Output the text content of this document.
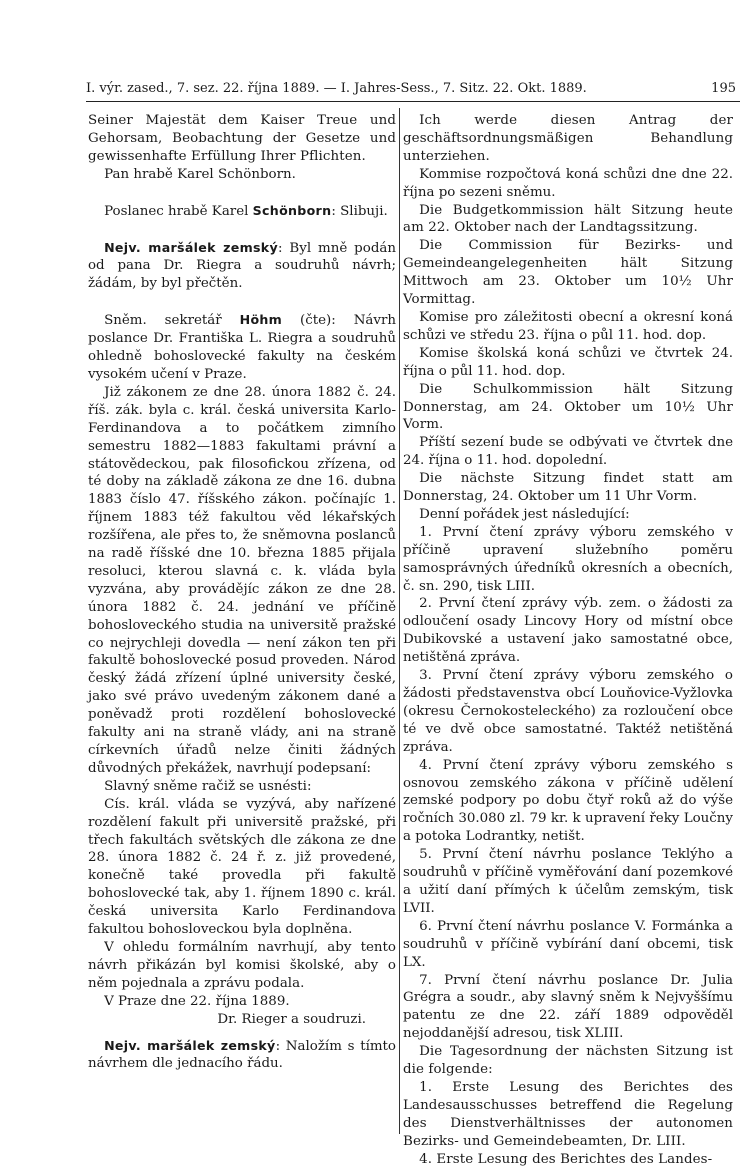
I. výr. zased., 7. sez. 22. října 1889. — I. Jahres-Sess., 7. Sitz. 22. Okt. 1889.	195

Seiner Majestät dem Kaiser Treue und Gehorsam, Beobachtung der Gesetze und gewissenhafte Erfüllung Ihrer Pflichten.

Pan hrabě Karel Schönborn.

Poslanec hrabě Karel Schönborn: Slibuji.

Nejv. maršálek zemský: Byl mně podán od pana Dr. Riegra a soudruhů návrh; žádám, by byl přečtěn.

Sněm. sekretář Höhm (čte): Návrh poslance Dr. Františka L. Riegra a soudruhů ohledně bohoslovecké fakulty na českém vysokém učení v Praze.

Již zákonem ze dne 28. února 1882 č. 24. říš. zák. byla c. král. česká universita Karlo-Ferdinandova a to počátkem zimního semestru 1882—1883 fakultami právní a státovědeckou, pak filosofickou zřízena, od té doby na základě zákona ze dne 16. dubna 1883 číslo 47. říšského zákon. počínajíc 1. říjnem 1883 též fakultou věd lékařských rozšířena, ale přes to, že sněmovna poslanců na radě říšské dne 10. března 1885 přijala resoluci, kterou slavná c. k. vláda byla vyzvána, aby provádějíc zákon ze dne 28. února 1882 č. 24. jednání ve příčině bohosloveckého studia na universitě pražské co nejrychleji dovedla — není zákon ten při fakultě bohoslovecké posud proveden. Národ český žádá zřízení úplné university české, jako své právo uvedeným zákonem dané a poněvadž proti rozdělení bohoslovecké fakulty ani na straně vlády, ani na straně církevních úřadů nelze činiti žádných důvodných překážek, navrhují podepsaní:

Slavný sněme račiž se usnésti:

Cís. král. vláda se vyzývá, aby nařízené rozdělení fakult při universitě pražské, při třech fakultách světských dle zákona ze dne 28. února 1882 č. 24 ř. z. již provedené, konečně také provedla při fakultě bohoslovecké tak, aby 1. říjnem 1890 c. král. česká universita Karlo Ferdinandova fakultou bohosloveckou byla doplněna.

V ohledu formálním navrhují, aby tento návrh přikázán byl komisi školské, aby o něm pojednala a zprávu podala.

V Praze dne 22. října 1889.

Dr. Rieger a soudruzi.

Nejv. maršálek zemský: Naložím s tímto návrhem dle jednacího řádu.

Ich werde diesen Antrag der geschäftsordnungsmäßigen Behandlung unterziehen.

Kommise rozpočtová koná schůzi dne dne 22. října po sezeni sněmu.

Die Budgetkommission hält Sitzung heute am 22. Oktober nach der Landtagssitzung.

Die Commission für Bezirks- und Gemeindeangelegenheiten hält Sitzung Mittwoch am 23. Oktober um 10½ Uhr Vormittag.

Komise pro záležitosti obecní a okresní koná schůzi ve středu 23. října o půl 11. hod. dop.

Komise školská koná schůzi ve čtvrtek 24. října o půl 11. hod. dop.

Die Schulkommission hält Sitzung Donnerstag, am 24. Oktober um 10½ Uhr Vorm.

Příští sezení bude se odbývati ve čtvrtek dne 24. října o 11. hod. dopolední.

Die nächste Sitzung findet statt am Donnerstag, 24. Oktober um 11 Uhr Vorm.

Denní pořádek jest následující:

1. První čtení zprávy výboru zemského v příčině upravení služebního poměru samosprávných úředníků okresních a obecních, č. sn. 290, tisk LIII.

2. První čtení zprávy výb. zem. o žádosti za odloučení osady Lincovy Hory od místní obce Dubikovské a ustavení jako samostatné obce, netištěná zpráva.

3. První čtení zprávy výboru zemského o žádosti představenstva obcí Louňovice-Vyžlovka (okresu Černokosteleckého) za rozloučení obce té ve dvě obce samostatné. Taktéž netištěná zpráva.

4. První čtení zprávy výboru zemského s osnovou zemského zákona v příčině udělení zemské podpory po dobu čtyř roků až do výše ročních 30.080 zl. 79 kr. k upravení řeky Loučny a potoka Lodrantky, netišt.

5. První čtení návrhu poslance Teklýho a soudruhů v příčině vyměřování daní pozemkové a užití daní přímých k účelům zemským, tisk LVII.

6. První čtení návrhu poslance V. Formánka a soudruhů v příčině vybírání daní obcemi, tisk LX.

7. První čtení návrhu poslance Dr. Julia Grégra a soudr., aby slavný sněm k Nejvyššímu patentu ze dne 22. září 1889 odpověděl nejoddanější adresou, tisk XLIII.

Die Tagesordnung der nächsten Sitzung ist die folgende:

1. Erste Lesung des Berichtes des Landesausschusses betreffend die Regelung des Dienstverhältnisses der autonomen Bezirks- und Gemeindebeamten, Dr. LIII.

4. Erste Lesung des Berichtes des Landes-
